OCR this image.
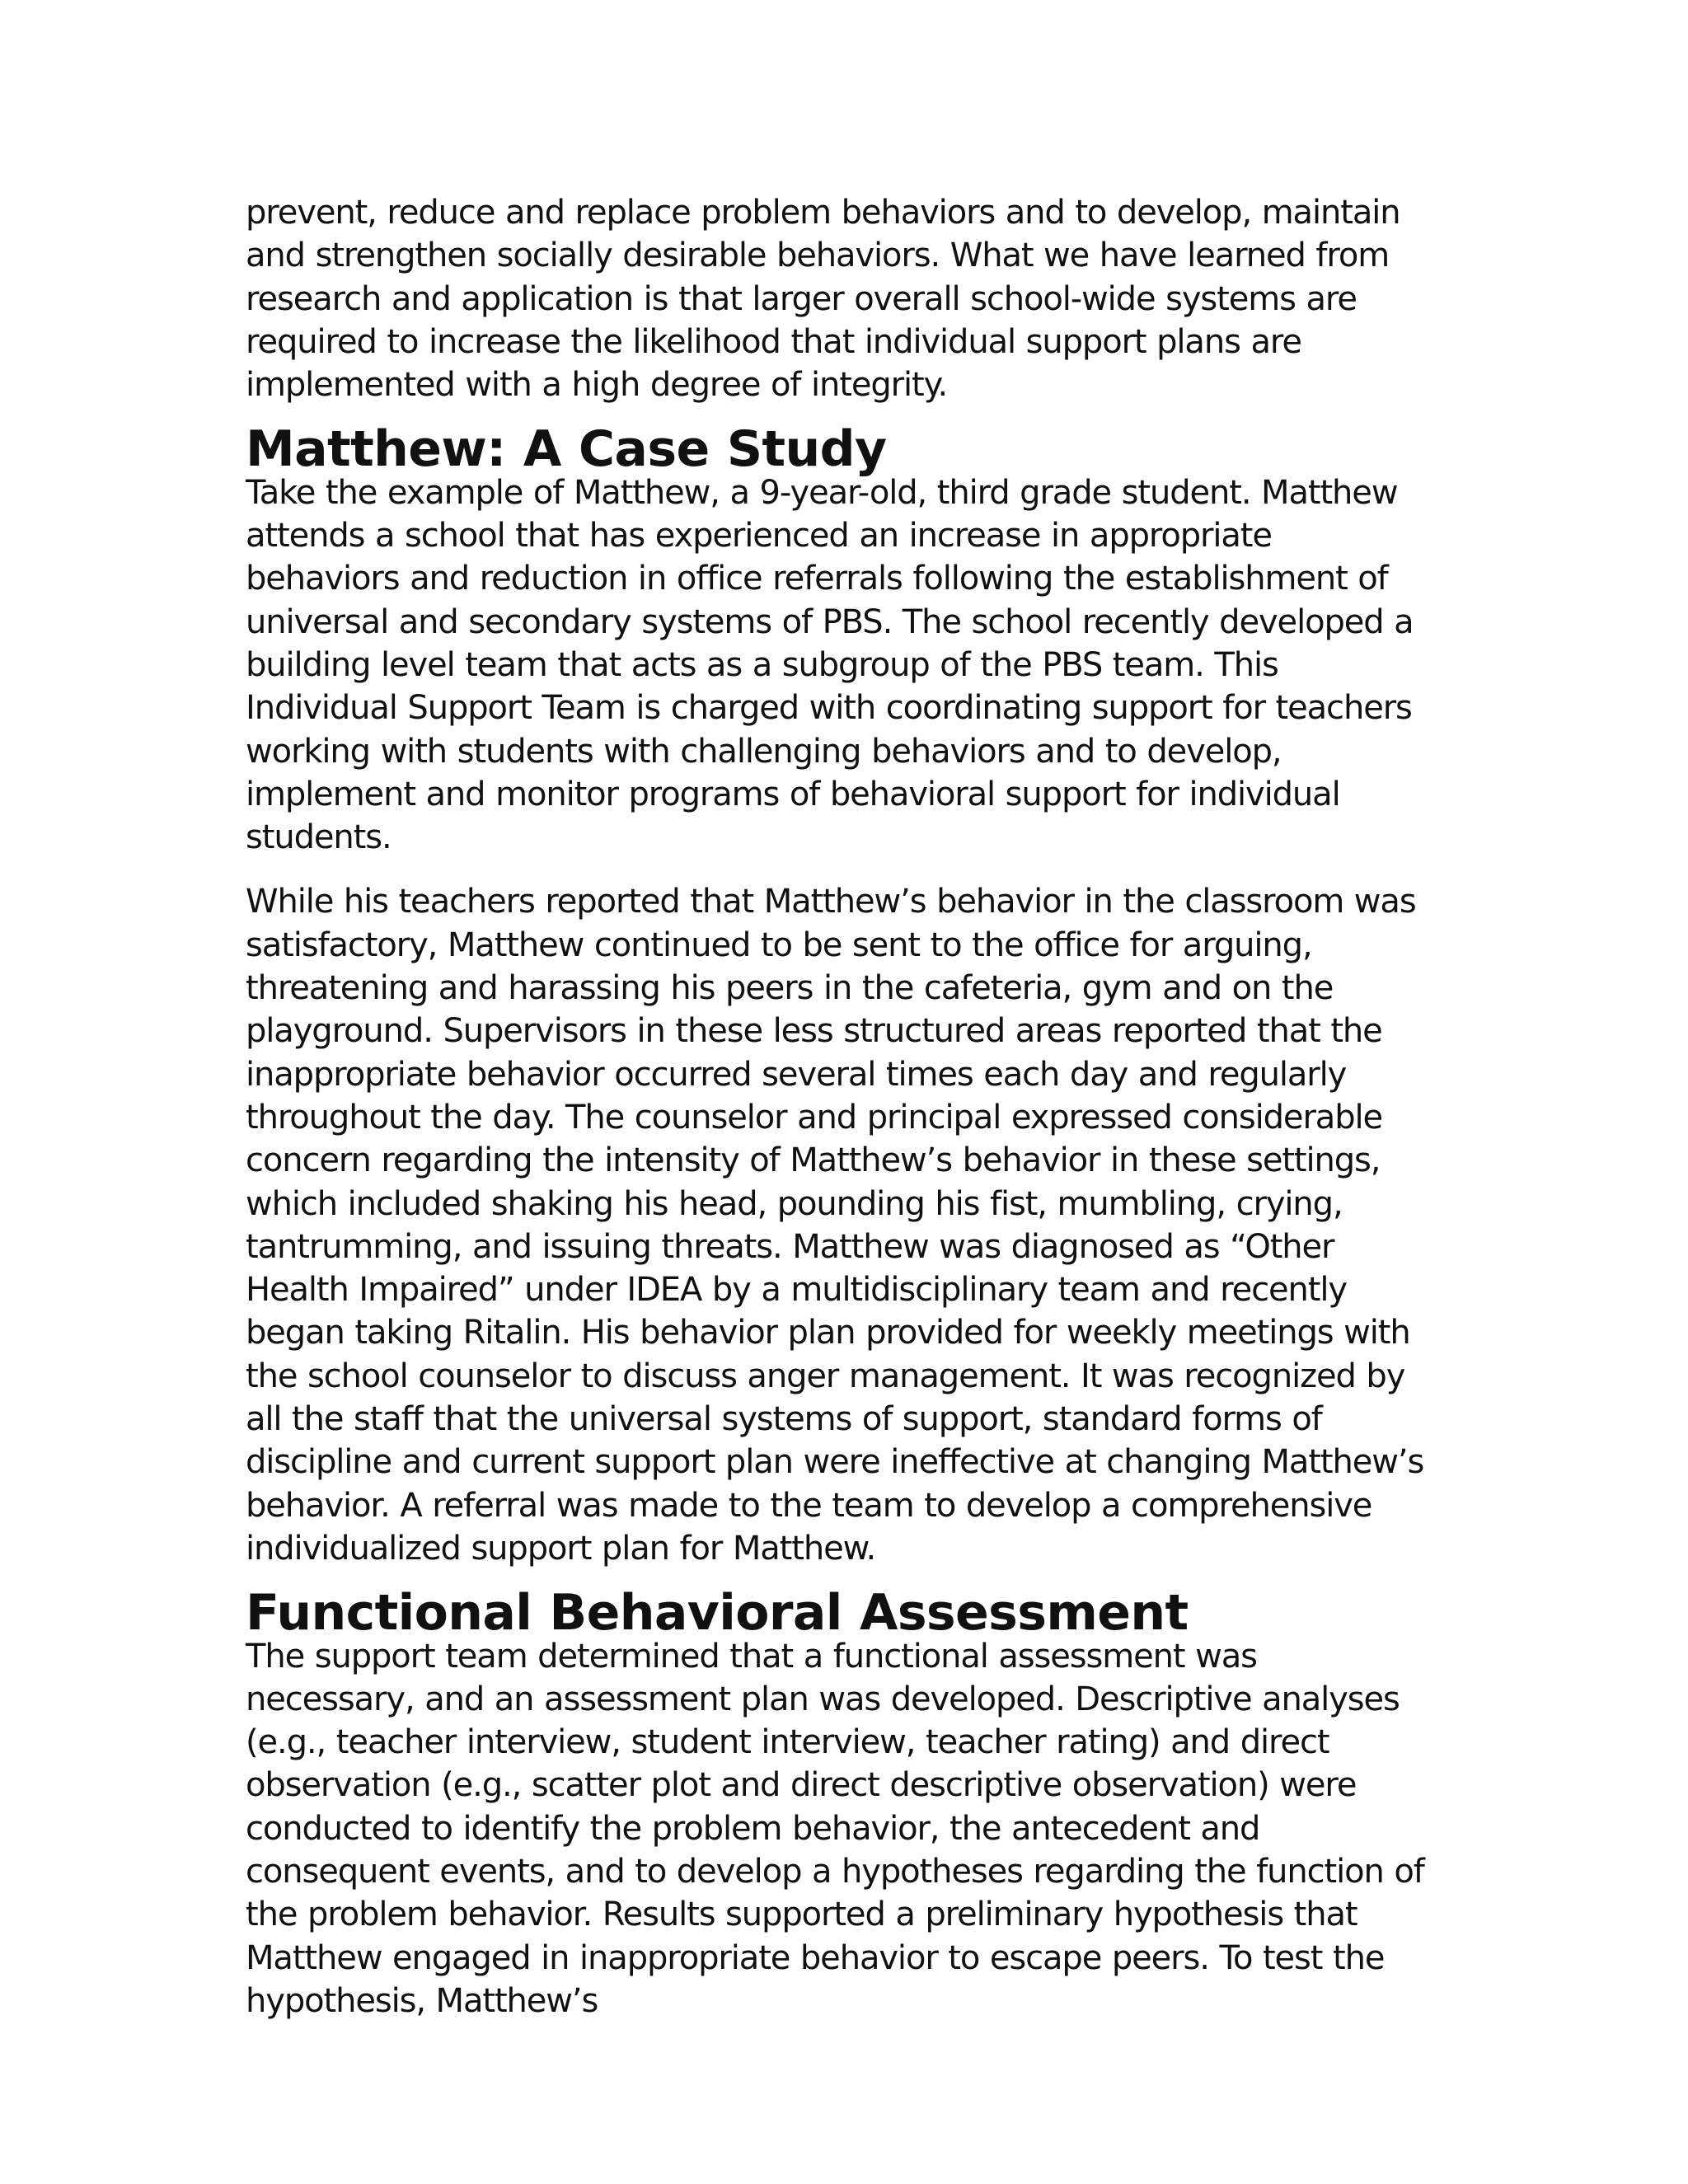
prevent, reduce and replace problem behaviors and to develop, maintain and strengthen socially desirable behaviors. What we have learned from research and application is that larger overall school-wide systems are required to increase the likelihood that individual support plans are implemented with a high degree of integrity.

Matthew: A Case Study

Take the example of Matthew, a 9-year-old, third grade student. Matthew attends a school that has experienced an increase in appropriate behaviors and reduction in office referrals following the establishment of universal and secondary systems of PBS. The school recently developed a building level team that acts as a subgroup of the PBS team. This Individual Support Team is charged with coordinating support for teachers working with students with challenging behaviors and to develop, implement and monitor programs of behavioral support for individual students.

While his teachers reported that Matthew’s behavior in the classroom was satisfactory, Matthew continued to be sent to the office for arguing, threatening and harassing his peers in the cafeteria, gym and on the playground. Supervisors in these less structured areas reported that the inappropriate behavior occurred several times each day and regularly throughout the day. The counselor and principal expressed considerable concern regarding the intensity of Matthew’s behavior in these settings, which included shaking his head, pounding his fist, mumbling, crying, tantrumming, and issuing threats. Matthew was diagnosed as “Other Health Impaired” under IDEA by a multidisciplinary team and recently began taking Ritalin. His behavior plan provided for weekly meetings with the school counselor to discuss anger management. It was recognized by all the staff that the universal systems of support, standard forms of discipline and current support plan were ineffective at changing Matthew’s behavior. A referral was made to the team to develop a comprehensive individualized support plan for Matthew.

Functional Behavioral Assessment

The support team determined that a functional assessment was necessary, and an assessment plan was developed. Descriptive analyses (e.g., teacher interview, student interview, teacher rating) and direct observation (e.g., scatter plot and direct descriptive observation) were conducted to identify the problem behavior, the antecedent and consequent events, and to develop a hypotheses regarding the function of the problem behavior. Results supported a preliminary hypothesis that Matthew engaged in inappropriate behavior to escape peers. To test the hypothesis, Matthew’s
